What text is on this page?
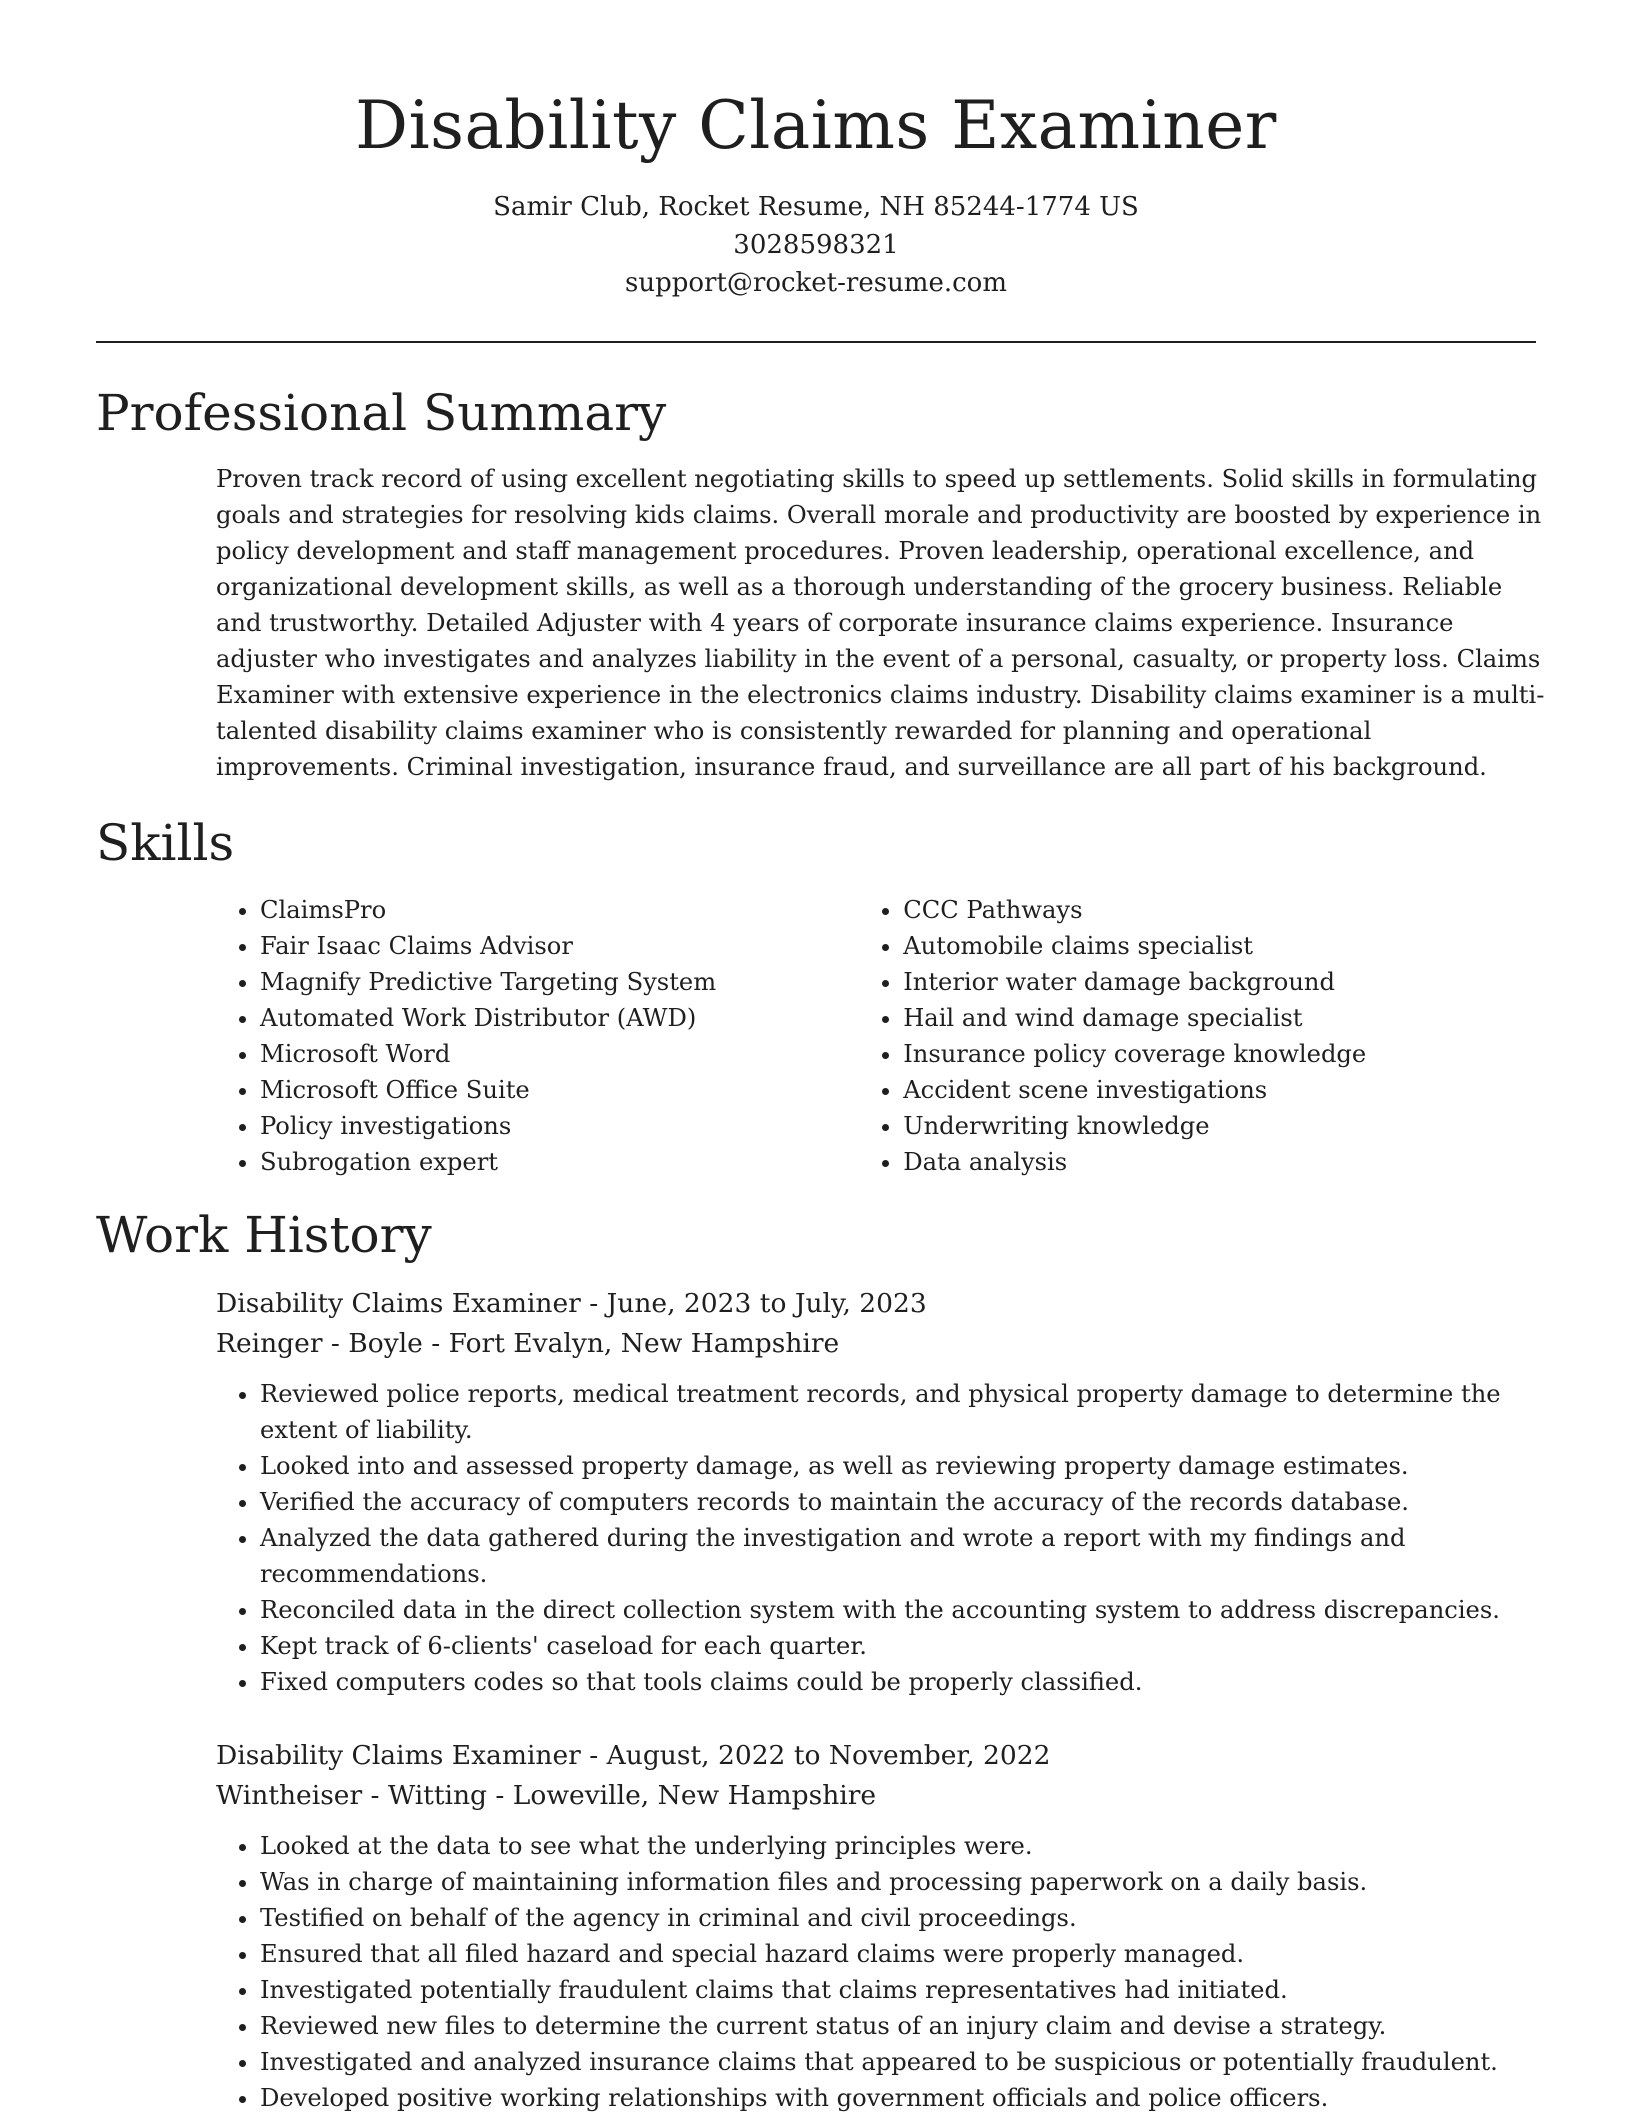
Disability Claims Examiner
Samir Club, Rocket Resume, NH 85244-1774 US
3028598321
support@rocket-resume.com
Professional Summary

Proven track record of using excellent negotiating skills to speed up settlements. Solid skills in formulating goals and strategies for resolving kids claims. Overall morale and productivity are boosted by experience in policy development and staff management procedures. Proven leadership, operational excellence, and organizational development skills, as well as a thorough understanding of the grocery business. Reliable and trustworthy. Detailed Adjuster with 4 years of corporate insurance claims experience. Insurance adjuster who investigates and analyzes liability in the event of a personal, casualty, or property loss. Claims Examiner with extensive experience in the electronics claims industry. Disability claims examiner is a multi-talented disability claims examiner who is consistently rewarded for planning and operational improvements. Criminal investigation, insurance fraud, and surveillance are all part of his background.

Skills
• ClaimsPro
• Fair Isaac Claims Advisor
• Magnify Predictive Targeting System
• Automated Work Distributor (AWD)
• Microsoft Word
• Microsoft Office Suite
• Policy investigations
• Subrogation expert
• CCC Pathways
• Automobile claims specialist
• Interior water damage background
• Hail and wind damage specialist
• Insurance policy coverage knowledge
• Accident scene investigations
• Underwriting knowledge
• Data analysis
Work History
Disability Claims Examiner - June, 2023 to July, 2023
Reinger - Boyle - Fort Evalyn, New Hampshire
• Reviewed police reports, medical treatment records, and physical property damage to determine the extent of liability.
• Looked into and assessed property damage, as well as reviewing property damage estimates.
• Verified the accuracy of computers records to maintain the accuracy of the records database.
• Analyzed the data gathered during the investigation and wrote a report with my findings and recommendations.
• Reconciled data in the direct collection system with the accounting system to address discrepancies.
• Kept track of 6-clients' caseload for each quarter.
• Fixed computers codes so that tools claims could be properly classified.
Disability Claims Examiner - August, 2022 to November, 2022
Wintheiser - Witting - Loweville, New Hampshire
• Looked at the data to see what the underlying principles were.
• Was in charge of maintaining information files and processing paperwork on a daily basis.
• Testified on behalf of the agency in criminal and civil proceedings.
• Ensured that all filed hazard and special hazard claims were properly managed.
• Investigated potentially fraudulent claims that claims representatives had initiated.
• Reviewed new files to determine the current status of an injury claim and devise a strategy.
• Investigated and analyzed insurance claims that appeared to be suspicious or potentially fraudulent.
• Developed positive working relationships with government officials and police officers.
